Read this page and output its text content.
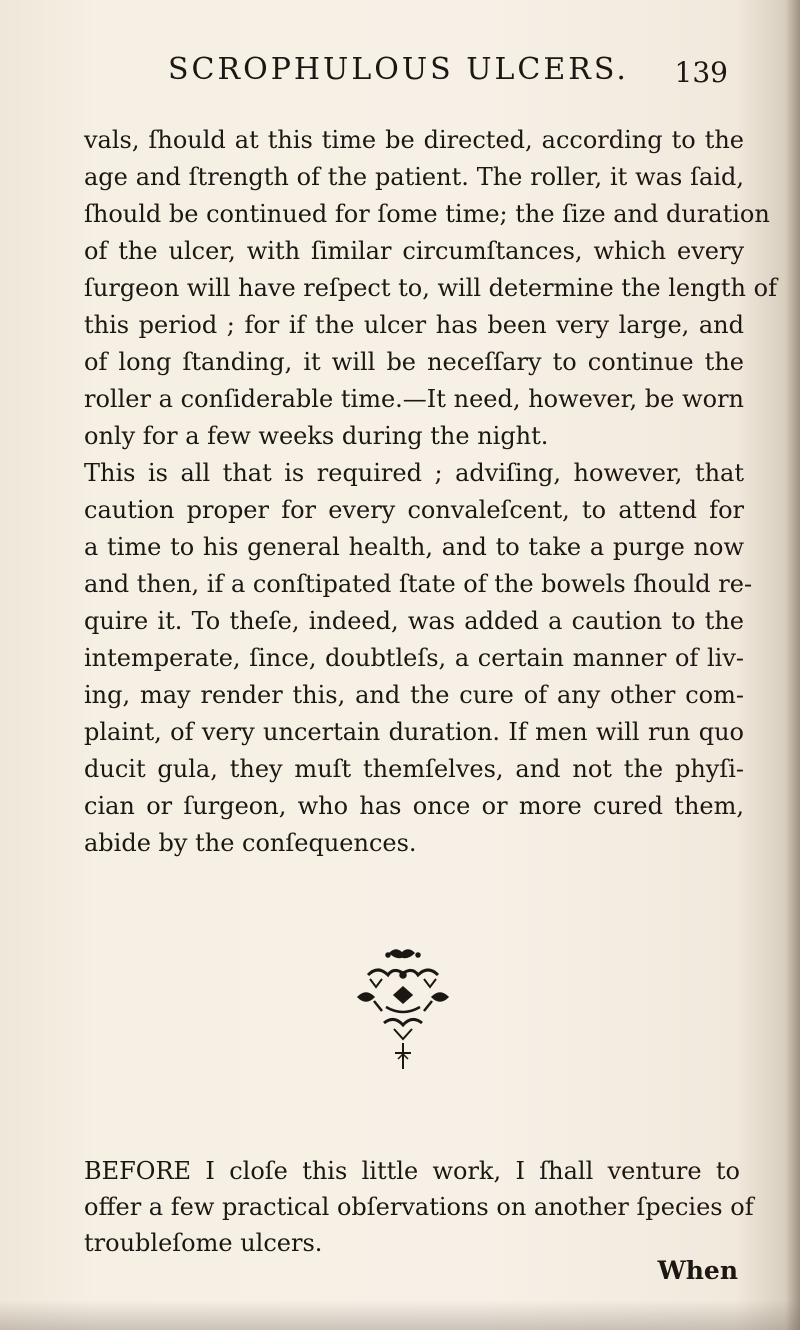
SCROPHULOUS ULCERS. 139
vals, ſhould at this time be directed, according to the
age and ſtrength of the patient. The roller, it was ſaid,
ſhould be continued for ſome time; the ſize and duration
of the ulcer, with ſimilar circumſtances, which every
ſurgeon will have reſpect to, will determine the length of
this period ; for if the ulcer has been very large, and
of long ſtanding, it will be neceſſary to continue the
roller a conſiderable time.—It need, however, be worn
only for a few weeks during the night.
This is all that is required ; adviſing, however, that
caution proper for every convaleſcent, to attend for
a time to his general health, and to take a purge now
and then, if a conſtipated ſtate of the bowels ſhould re-
quire it. To theſe, indeed, was added a caution to the
intemperate, ſince, doubtleſs, a certain manner of liv-
ing, may render this, and the cure of any other com-
plaint, of very uncertain duration. If men will run quo
ducit gula, they muſt themſelves, and not the phyſi-
cian or ſurgeon, who has once or more cured them,
abide by the conſequences.
BEFORE I cloſe this little work, I ſhall venture to
offer a few practical obſervations on another ſpecies of
troubleſome ulcers.
When
